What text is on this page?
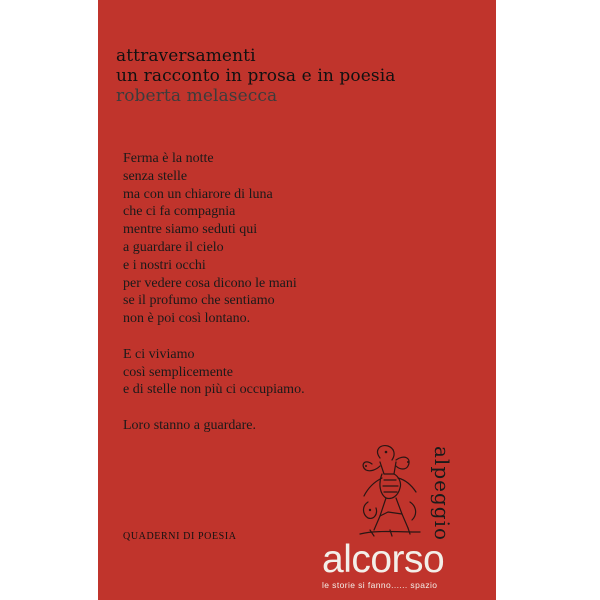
attraversamenti
un racconto in prosa e in poesia
roberta melasecca
Ferma è la notte
senza stelle
ma con un chiarore di luna
che ci fa compagnia
mentre siamo seduti qui
a guardare il cielo
e i nostri occhi
per vedere cosa dicono le mani
se il profumo che sentiamo
non è poi così lontano.
E ci viviamo
così semplicemente
e di stelle non più ci occupiamo.
Loro stanno a guardare.
QUADERNI DI POESIA	alpeggio
alcorso
le storie si fanno...... spazio
